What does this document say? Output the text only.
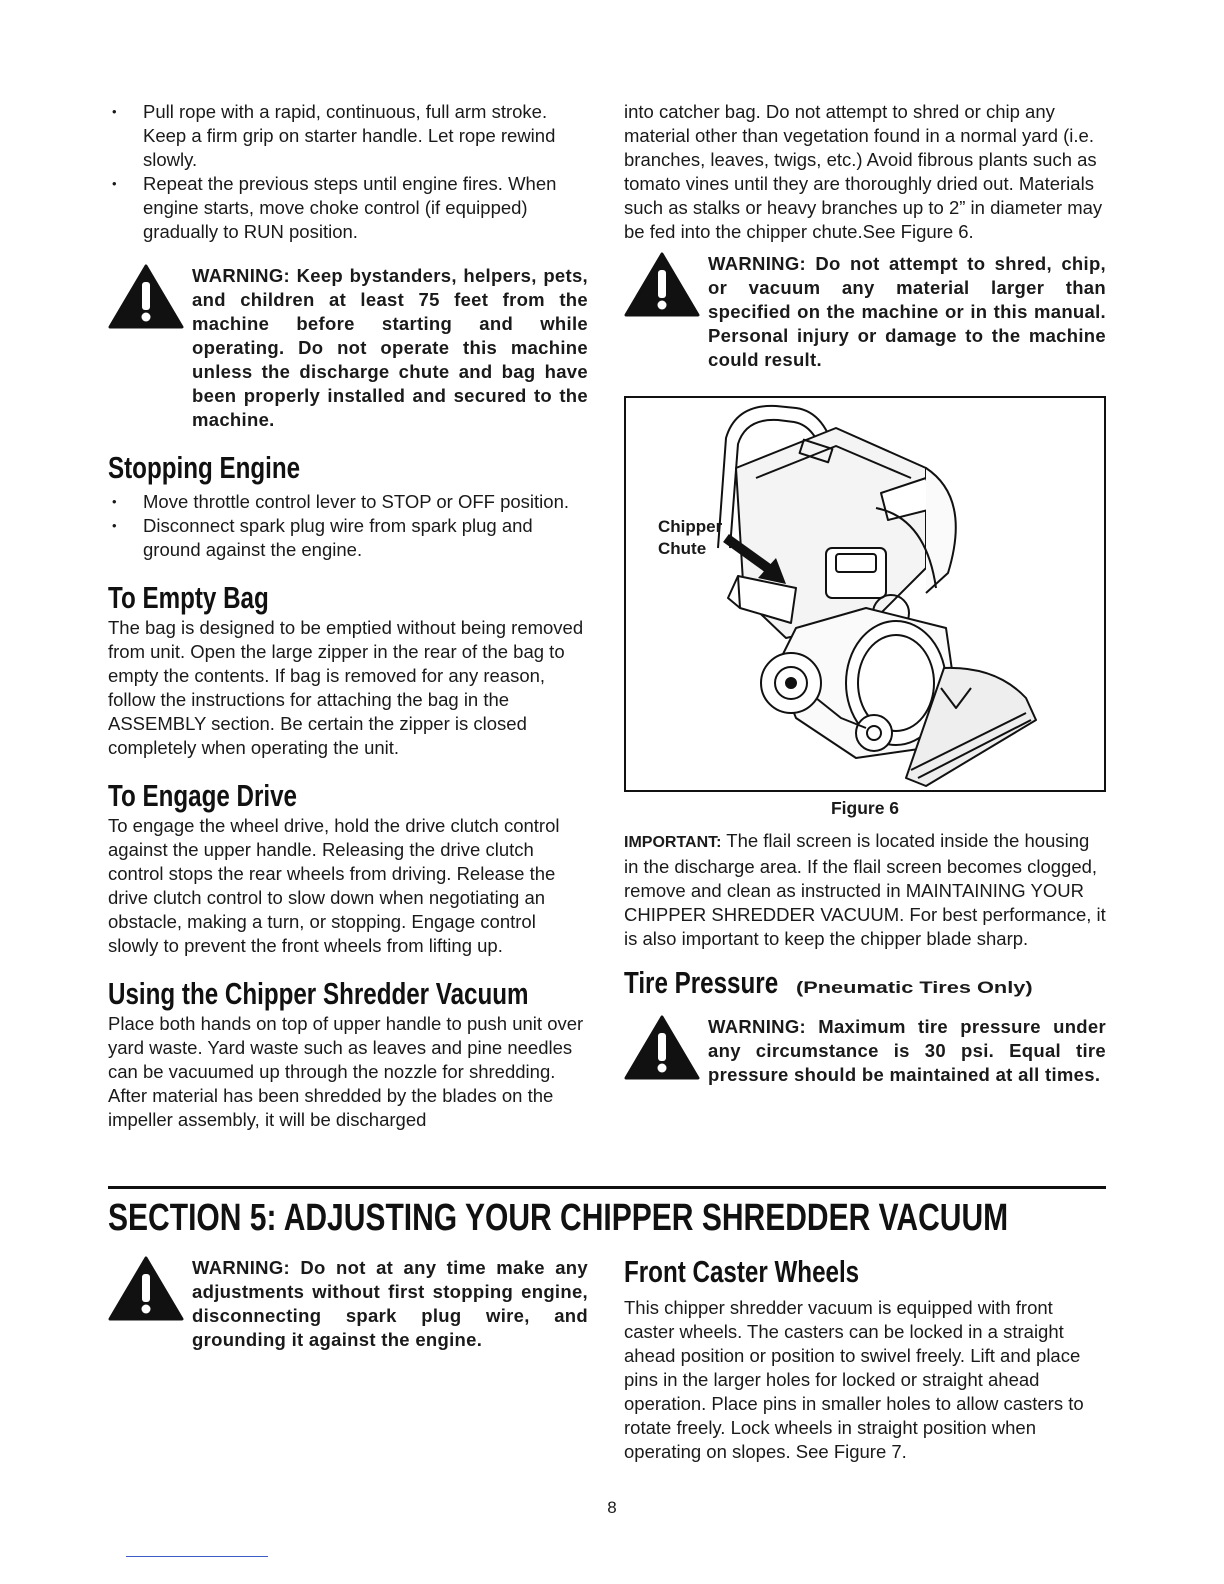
• Pull rope with a rapid, continuous, full arm stroke. Keep a firm grip on starter handle. Let rope rewind slowly.
• Repeat the previous steps until engine fires. When engine starts, move choke control (if equipped) gradually to RUN position.
WARNING: Keep bystanders, helpers, pets, and children at least 75 feet from the machine before starting and while operating. Do not operate this machine unless the discharge chute and bag have been properly installed and secured to the machine.
Stopping Engine
• Move throttle control lever to STOP or OFF position.
• Disconnect spark plug wire from spark plug and ground against the engine.
To Empty Bag

The bag is designed to be emptied without being removed from unit. Open the large zipper in the rear of the bag to empty the contents. If bag is removed for any reason, follow the instructions for attaching the bag in the ASSEMBLY section. Be certain the zipper is closed completely when operating the unit.

To Engage Drive

To engage the wheel drive, hold the drive clutch control against the upper handle. Releasing the drive clutch control stops the rear wheels from driving. Release the drive clutch control to slow down when negotiating an obstacle, making a turn, or stopping. Engage control slowly to prevent the front wheels from lifting up.

Using the Chipper Shredder Vacuum

Place both hands on top of upper handle to push unit over yard waste. Yard waste such as leaves and pine needles can be vacuumed up through the nozzle for shredding. After material has been shredded by the blades on the impeller assembly, it will be discharged

into catcher bag. Do not attempt to shred or chip any material other than vegetation found in a normal yard (i.e. branches, leaves, twigs, etc.) Avoid fibrous plants such as tomato vines until they are thoroughly dried out. Materials such as stalks or heavy branches up to 2” in diameter may be fed into the chipper chute.See Figure 6.

WARNING: Do not attempt to shred, chip, or vacuum any material larger than specified on the machine or in this manual. Personal injury or damage to the machine could result.
Chipper
Chute
Figure 6

IMPORTANT: The flail screen is located inside the housing in the discharge area. If the flail screen becomes clogged, remove and clean as instructed in MAINTAINING YOUR CHIPPER SHREDDER VACUUM. For best performance, it is also important to keep the chipper blade sharp.

Tire Pressure (Pneumatic Tires Only)
WARNING: Maximum tire pressure under any circumstance is 30 psi. Equal tire pressure should be maintained at all times.
SECTION 5: ADJUSTING YOUR CHIPPER SHREDDER VACUUM
WARNING: Do not at any time make any adjustments without first stopping engine, disconnecting spark plug wire, and grounding it against the engine.
Front Caster Wheels

This chipper shredder vacuum is equipped with front caster wheels. The casters can be locked in a straight ahead position or position to swivel freely. Lift and place pins in the larger holes for locked or straight ahead operation. Place pins in smaller holes to allow casters to rotate freely. Lock wheels in straight position when operating on slopes. See Figure 7.

8
